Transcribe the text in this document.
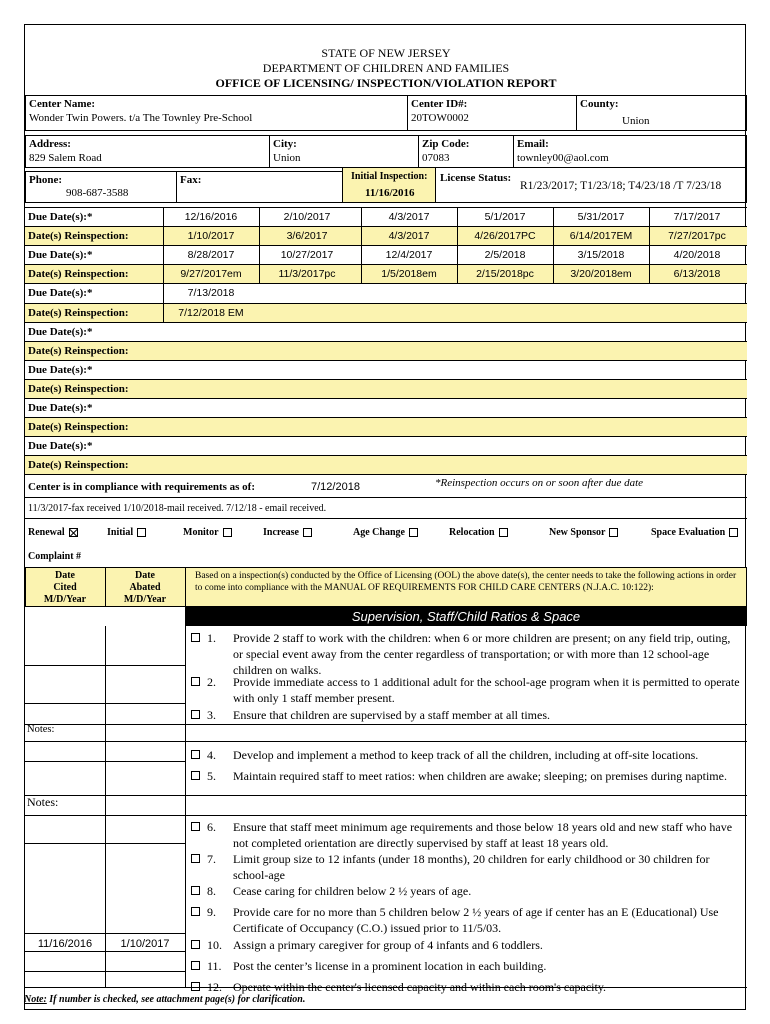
STATE OF NEW JERSEY
DEPARTMENT OF CHILDREN AND FAMILIES
OFFICE OF LICENSING/ INSPECTION/VIOLATION REPORT
Center Name:
Wonder Twin Powers. t/a The Townley Pre-School
Center ID#:
20TOW0002
County:
Union
Address:
829 Salem Road
City:
Union
Zip Code:
07083
Email:
townley00@aol.com
Phone:
908-687-3588
Fax:	Initial Inspection:
11/16/2016
License Status:
R1/23/2017; T1/23/18; T4/23/18 /T 7/23/18
Due Date(s):*	12/16/2016	2/10/2017	4/3/2017	5/1/2017	5/31/2017	7/17/2017
Date(s) Reinspection:	1/10/2017	3/6/2017	4/3/2017	4/26/2017PC	6/14/2017EM	7/27/2017pc
Due Date(s):*	8/28/2017	10/27/2017	12/4/2017	2/5/2018	3/15/2018	4/20/2018
Date(s) Reinspection:	9/27/2017em	11/3/2017pc	1/5/2018em	2/15/2018pc	3/20/2018em	6/13/2018
Due Date(s):*	7/13/2018
Date(s) Reinspection:	7/12/2018 EM
Due Date(s):*
Date(s) Reinspection:
Due Date(s):*
Date(s) Reinspection:
Due Date(s):*
Date(s) Reinspection:
Due Date(s):*
Date(s) Reinspection:
Center is in compliance with requirements as of:	7/12/2018	*Reinspection occurs on or soon after due date
11/3/2017-fax received 1/10/2018-mail received. 7/12/18 - email received.
Renewal	Initial	Monitor	Increase	Age Change	Relocation	New Sponsor	Space Evaluation
Complaint #
Date
Cited
M/D/Year
Date
Abated
M/D/Year
Based on a inspection(s) conducted by the Office of Licensing (OOL) the above date(s), the center needs to take the following actions in order to come into compliance with the MANUAL OF REQUIREMENTS FOR CHILD CARE CENTERS (N.J.A.C. 10:122):
Supervision, Staff/Child Ratios & Space
1. Provide 2 staff to work with the children: when 6 or more children are present; on any field trip, outing, or special event away from the center regardless of transportation; or with more than 12 school-age children on walks.
2. Provide immediate access to 1 additional adult for the school-age program when it is permitted to operate with only 1 staff member present.
3. Ensure that children are supervised by a staff member at all times.
4. Develop and implement a method to keep track of all the children, including at off-site locations.
5. Maintain required staff to meet ratios: when children are awake; sleeping; on premises during naptime.
6. Ensure that staff meet minimum age requirements and those below 18 years old and new staff who have not completed orientation are directly supervised by staff at least 18 years old.
7. Limit group size to 12 infants (under 18 months), 20 children for early childhood or 30 children for school-age
8. Cease caring for children below 2 ½ years of age.
9. Provide care for no more than 5 children below 2 ½ years of age if center has an E (Educational) Use Certificate of Occupancy (C.O.) issued prior to 11/5/03.
10. Assign a primary caregiver for group of 4 infants and 6 toddlers.
11/16/2016	1/10/2017
11. Post the center’s license in a prominent location in each building.
12. Operate within the center's licensed capacity and within each room's capacity.
Notes:
Notes:
Note: If number is checked, see attachment page(s) for clarification.
